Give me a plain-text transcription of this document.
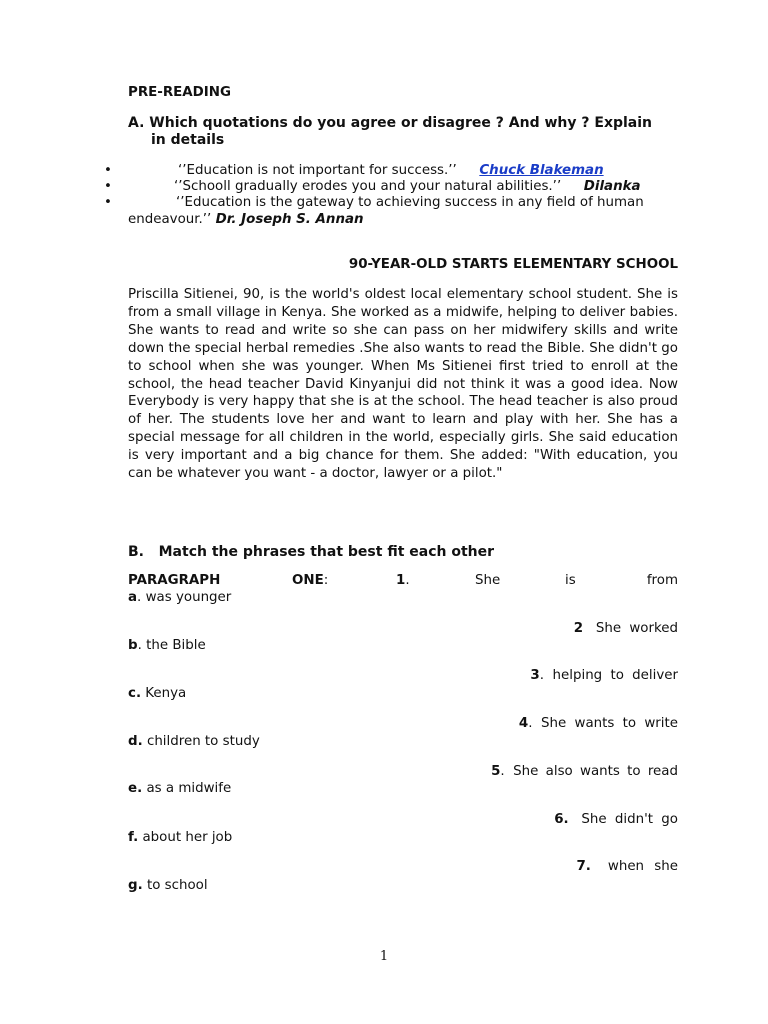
PRE-READING
A. Which quotations do you agree or disagree ? And why ? Explain
in details
•	‘’Education is not important for success.’’ Chuck Blakeman
•	‘’Schooll gradually erodes you and your natural abilities.’’ Dilanka
•	‘’Education is the gateway to achieving success in any field of human
endeavour.’’ Dr. Joseph S. Annan
90-YEAR-OLD STARTS ELEMENTARY SCHOOL
Priscilla Sitienei, 90, is the world's oldest local elementary school student. She is from a small village in Kenya. She worked as a midwife, helping to deliver babies. She wants to read and write so she can pass on her midwifery skills and write down the special herbal remedies .She also wants to read the Bible. She didn't go to school when she was younger. When Ms Sitienei first tried to enroll at the school, the head teacher David Kinyanjui did not think it was a good idea. Now Everybody is very happy that she is at the school. The head teacher is also proud of her. The students love her and want to learn and play with her. She has a special message for all children in the world, especially girls. She said education is very important and a big chance for them. She added: "With education, you can be whatever you want - a doctor, lawyer or a pilot."
B. Match the phrases that best fit each other
PARAGRAPH	ONE:	1.	She	is	from
a. was younger
2 She worked
b. the Bible
3. helping to deliver
c. Kenya
4. She wants to write
d. children to study
5. She also wants to read
e. as a midwife
6. She didn't go
f. about her job
7. when she
g. to school
1
